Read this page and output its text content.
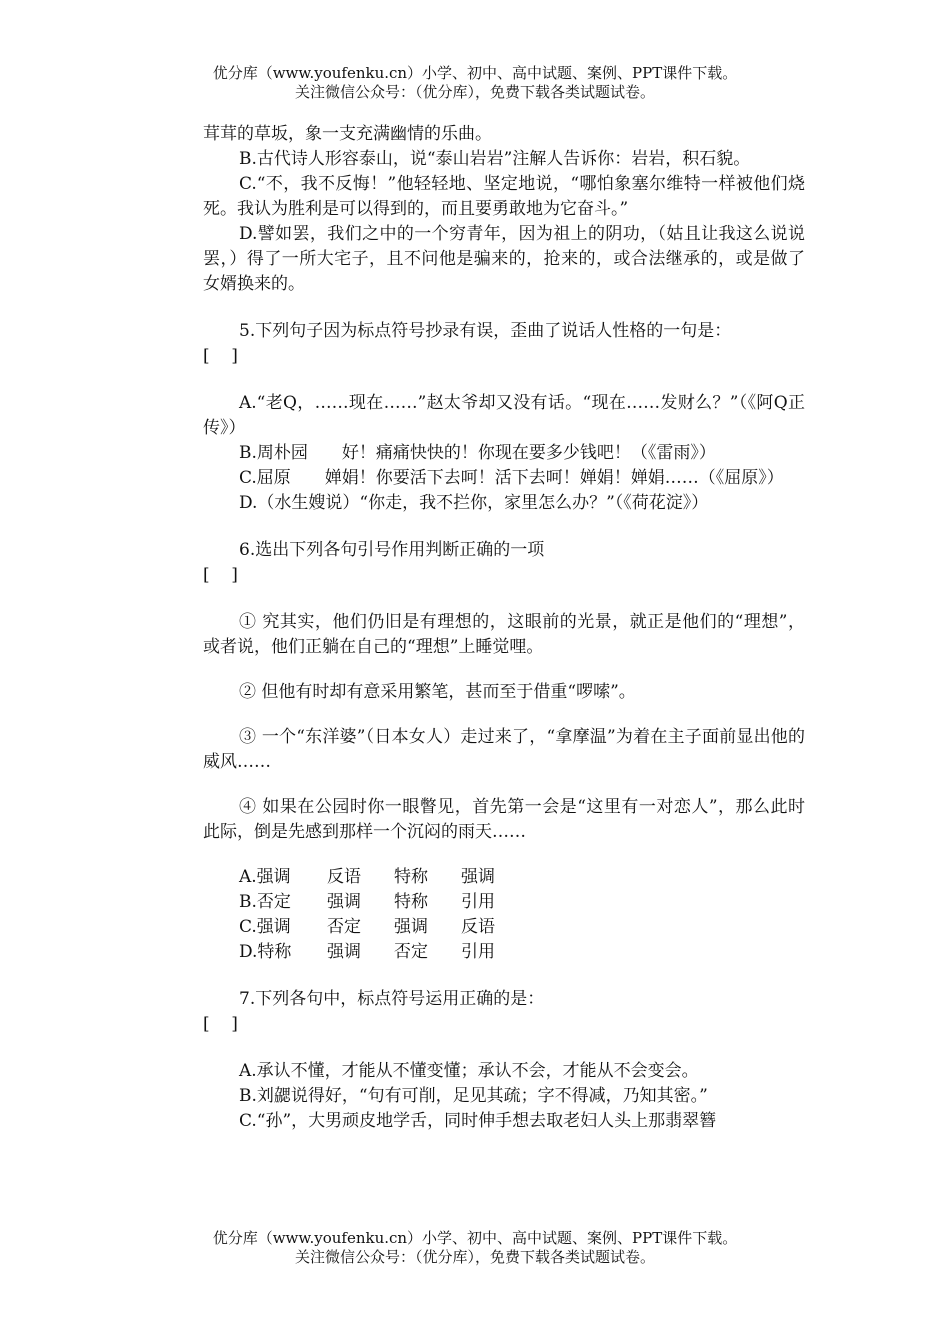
优分库（www.youfenku.cn）小学、初中、高中试题、案例、PPT课件下载。
关注微信公众号：（优分库），免费下载各类试题试卷。

茸茸的草坂，象一支充满幽情的乐曲。

B.古代诗人形容泰山，说“泰山岩岩”注解人告诉你：岩岩，积石貌。

C.“不，我不反悔！”他轻轻地、坚定地说，“哪怕象塞尔维特一样被他们烧死。我认为胜利是可以得到的，而且要勇敢地为它奋斗。”

D.譬如罢，我们之中的一个穷青年，因为祖上的阴功，（姑且让我这么说说罢，）得了一所大宅子，且不问他是骗来的，抢来的，或合法继承的，或是做了女婿换来的。

5.下列句子因为标点符号抄录有误，歪曲了说话人性格的一句是：

[    ]

A.“老Q，……现在……”赵太爷却又没有话。“现在……发财么？”（《阿Q正传》）

B.周朴园　　好！痛痛快快的！你现在要多少钱吧！（《雷雨》）

C.屈原　　婵娟！你要活下去呵！活下去呵！婵娟！婵娟……（《屈原》）

D.（水生嫂说）“你走，我不拦你，家里怎么办？”（《荷花淀》）

6.选出下列各句引号作用判断正确的一项

[    ]

① 究其实，他们仍旧是有理想的，这眼前的光景，就正是他们的“理想”，或者说，他们正躺在自己的“理想”上睡觉哩。

② 但他有时却有意采用繁笔，甚而至于借重“啰嗦”。

③ 一个“东洋婆”（日本女人）走过来了，“拿摩温”为着在主子面前显出他的威风……

④ 如果在公园时你一眼瞥见，首先第一会是“这里有一对恋人”，那么此时此际，倒是先感到那样一个沉闷的雨天……

A.强调	反语	特称	强调
B.否定	强调	特称	引用
C.强调	否定	强调	反语
D.特称	强调	否定	引用

7.下列各句中，标点符号运用正确的是：

[    ]

A.承认不懂，才能从不懂变懂；承认不会，才能从不会变会。

B.刘勰说得好，“句有可削，足见其疏；字不得减，乃知其密。”

C.“孙”，大男顽皮地学舌，同时伸手想去取老妇人头上那翡翠簪

优分库（www.youfenku.cn）小学、初中、高中试题、案例、PPT课件下载。
关注微信公众号：（优分库），免费下载各类试题试卷。
